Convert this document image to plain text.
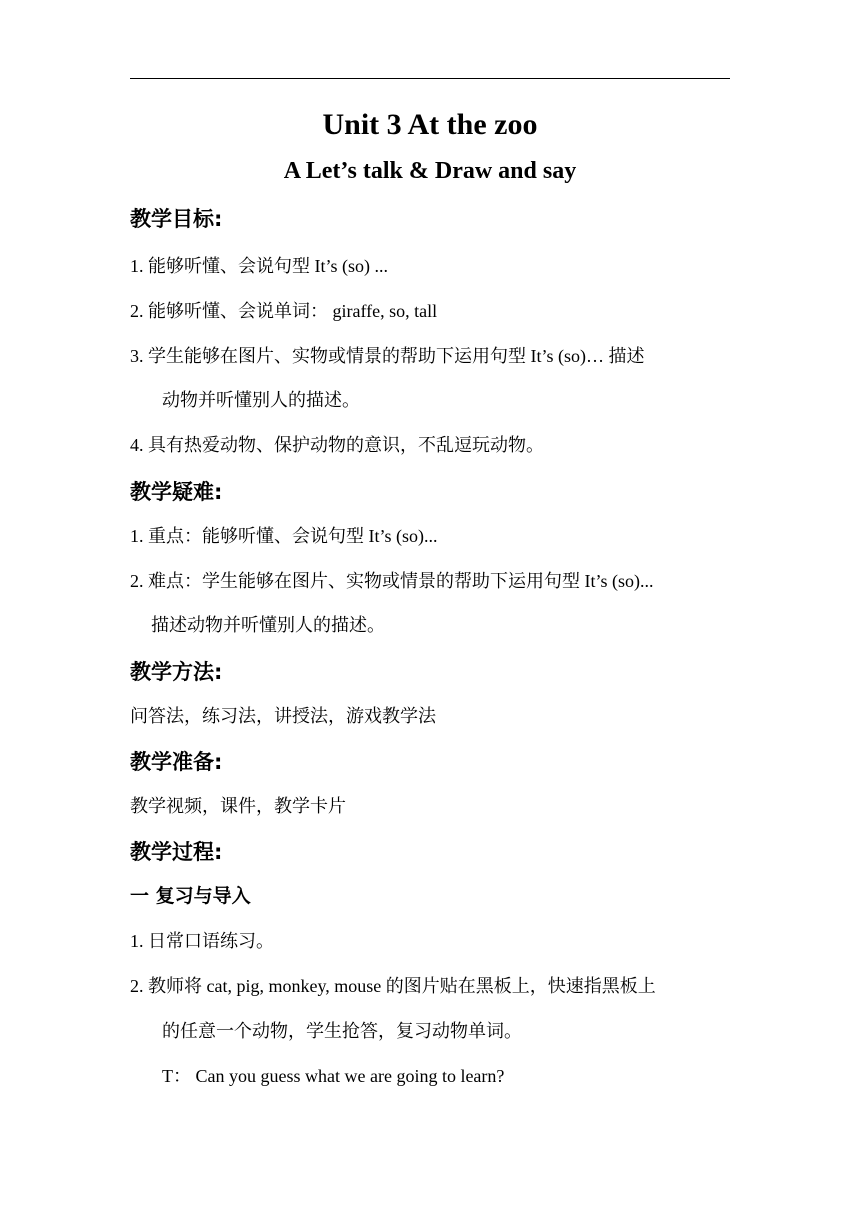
Unit 3 At the zoo
A Let’s talk & Draw and say
教学目标:
1. 能够听懂、会说句型 It’s (so) ...
2. 能够听懂、会说单词： giraffe, so, tall
3. 学生能够在图片、实物或情景的帮助下运用句型 It’s (so)… 描述
动物并听懂别人的描述。
4. 具有热爱动物、保护动物的意识，不乱逗玩动物。
教学疑难:
1. 重点：能够听懂、会说句型 It’s (so)...
2. 难点：学生能够在图片、实物或情景的帮助下运用句型 It’s (so)...
描述动物并听懂别人的描述。
教学方法:
问答法，练习法，讲授法，游戏教学法
教学准备:
教学视频，课件，教学卡片
教学过程:
一 复习与导入
1. 日常口语练习。
2. 教师将 cat, pig, monkey, mouse 的图片贴在黑板上，快速指黑板上
的任意一个动物，学生抢答，复习动物单词。
T： Can you guess what we are going to learn?
